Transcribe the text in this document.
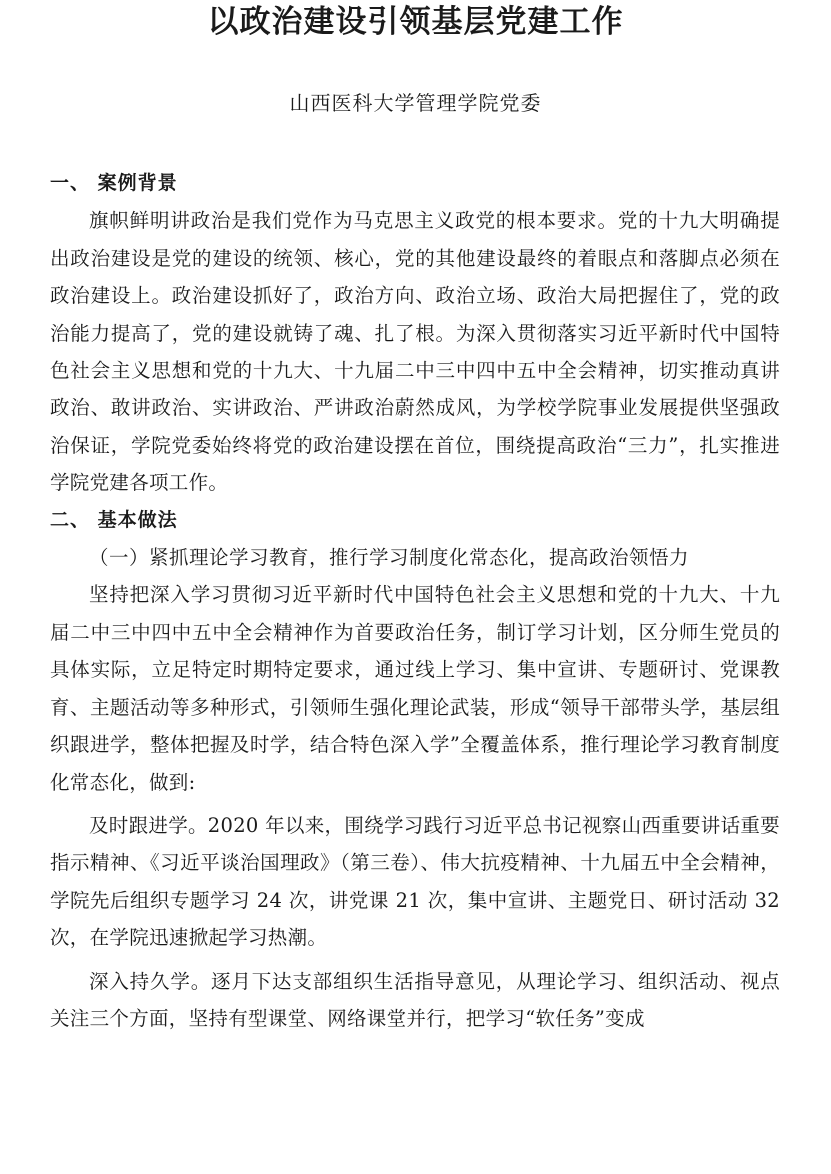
以政治建设引领基层党建工作
山西医科大学管理学院党委

一、 案例背景

旗帜鲜明讲政治是我们党作为马克思主义政党的根本要求。党的十九大明确提出政治建设是党的建设的统领、核心，党的其他建设最终的着眼点和落脚点必须在政治建设上。政治建设抓好了，政治方向、政治立场、政治大局把握住了，党的政治能力提高了，党的建设就铸了魂、扎了根。为深入贯彻落实习近平新时代中国特色社会主义思想和党的十九大、十九届二中三中四中五中全会精神，切实推动真讲政治、敢讲政治、实讲政治、严讲政治蔚然成风，为学校学院事业发展提供坚强政治保证，学院党委始终将党的政治建设摆在首位，围绕提高政治“三力”，扎实推进学院党建各项工作。

二、 基本做法

（一）紧抓理论学习教育，推行学习制度化常态化，提高政治领悟力

坚持把深入学习贯彻习近平新时代中国特色社会主义思想和党的十九大、十九届二中三中四中五中全会精神作为首要政治任务，制订学习计划，区分师生党员的具体实际，立足特定时期特定要求，通过线上学习、集中宣讲、专题研讨、党课教育、主题活动等多种形式，引领师生强化理论武装，形成“领导干部带头学，基层组织跟进学，整体把握及时学，结合特色深入学”全覆盖体系，推行理论学习教育制度化常态化，做到:

及时跟进学。2020 年以来，围绕学习践行习近平总书记视察山西重要讲话重要指示精神、《习近平谈治国理政》（第三卷）、伟大抗疫精神、十九届五中全会精神，学院先后组织专题学习 24 次，讲党课 21 次，集中宣讲、主题党日、研讨活动 32 次，在学院迅速掀起学习热潮。

深入持久学。逐月下达支部组织生活指导意见，从理论学习、组织活动、视点关注三个方面，坚持有型课堂、网络课堂并行，把学习“软任务”变成
